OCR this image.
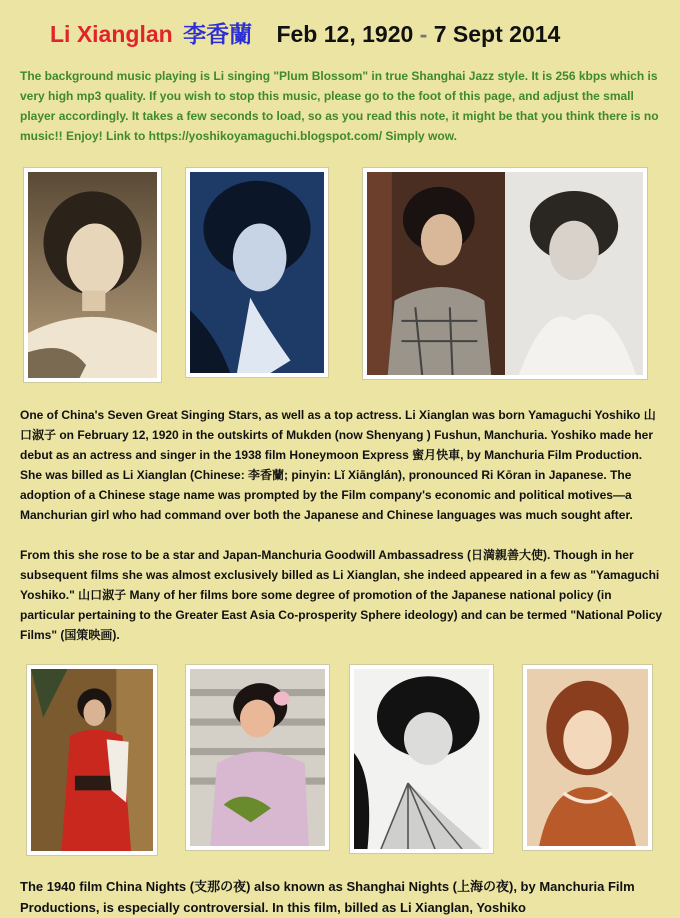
Li Xianglan 李香蘭 Feb 12, 1920 - 7 Sept 2014
The background music playing is Li singing "Plum Blossom" in true Shanghai Jazz style. It is 256 kbps which is very high mp3 quality. If you wish to stop this music, please go to the foot of this page, and adjust the small player accordingly. It takes a few seconds to load, so as you read this note, it might be that you think there is no music!! Enjoy! Link to https://yoshikoyamaguchi.blogspot.com/ Simply wow.
One of China's Seven Great Singing Stars, as well as a top actress. Li Xianglan was born Yamaguchi Yoshiko 山口淑子 on February 12, 1920 in the outskirts of Mukden (now Shenyang ) Fushun, Manchuria. Yoshiko made her debut as an actress and singer in the 1938 film Honeymoon Express 蜜月快車, by Manchuria Film Production. She was billed as Li Xianglan (Chinese: 李香蘭; pinyin: Lǐ Xiānglán), pronounced Ri Kōran in Japanese. The adoption of a Chinese stage name was prompted by the Film company's economic and political motives—a Manchurian girl who had command over both the Japanese and Chinese languages was much sought after.
From this she rose to be a star and Japan-Manchuria Goodwill Ambassadress (日満親善大使). Though in her subsequent films she was almost exclusively billed as Li Xianglan, she indeed appeared in a few as "Yamaguchi Yoshiko." 山口淑子 Many of her films bore some degree of promotion of the Japanese national policy (in particular pertaining to the Greater East Asia Co-prosperity Sphere ideology) and can be termed "National Policy Films" (国策映画).
The 1940 film China Nights (支那の夜) also known as Shanghai Nights (上海の夜), by Manchuria Film Productions, is especially controversial. In this film, billed as Li Xianglan, Yoshiko
